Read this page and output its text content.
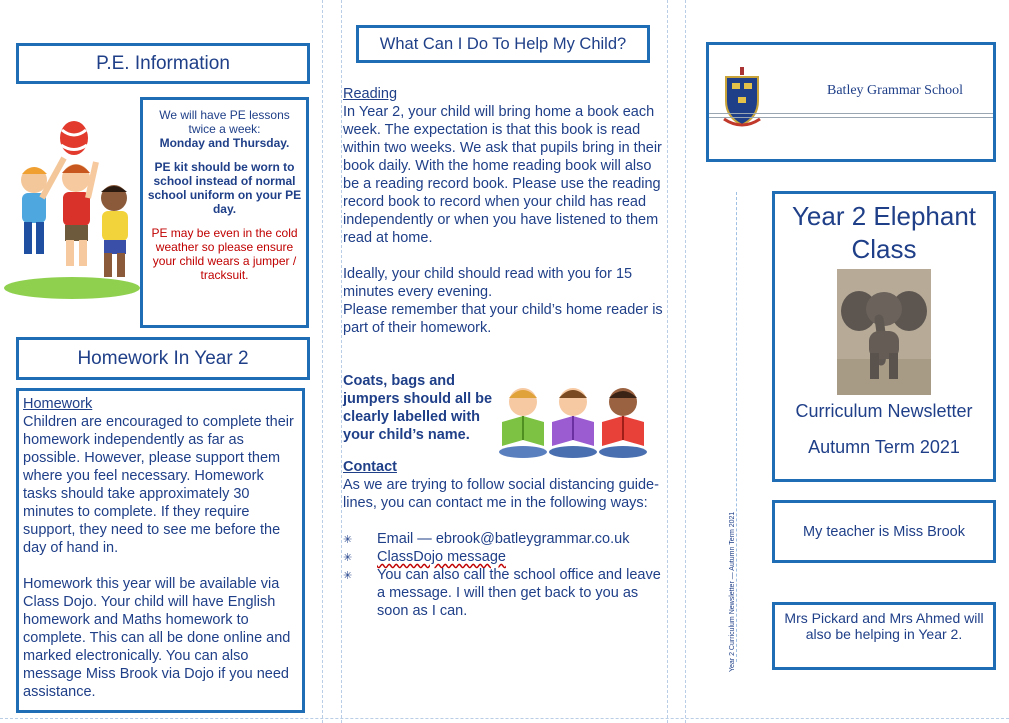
P.E. Information
We will have PE lessons twice a week:
Monday and Thursday.
PE kit should be worn to school instead of normal school uniform on your PE day.
PE may be even in the cold weather so please ensure your child wears a jumper / tracksuit.
Homework In Year 2
Homework
Children are encouraged to complete their homework independently as far as possible. However, please support them where you feel necessary. Homework tasks should take approximately 30 minutes to complete. If they require support, they need to see me before the day of hand in.
Homework this year will be available via Class Dojo. Your child will have English homework and Maths homework to complete. This can all be done online and marked electronically. You can also message Miss Brook via Dojo if you need assistance.
What Can I Do To Help My Child?
Reading
In Year 2, your child will bring home a book each week. The expectation is that this book is read within two weeks. We ask that pupils bring in their book daily. With the home reading book will also be a reading record book. Please use the reading record book to record when your child has read independently or when you have listened to them read at home.
Ideally, your child should read with you for 15 minutes every evening.
Please remember that your child’s home reader is part of their homework.
Coats, bags and jumpers should all be clearly labelled with your child’s name.
Contact
As we are trying to follow social distancing guide-lines, you can contact me in the following ways:
✳ Email — ebrook@batleygrammar.co.uk
✳ ClassDojo message
✳ You can also call the school office and leave a message. I will then get back to you as soon as I can.
Batley Grammar School
Year 2 Curriculum Newsletter — Autumn Term 2021
Year 2 Elephant Class
Curriculum Newsletter
Autumn Term 2021
My teacher is Miss Brook
Mrs Pickard and Mrs Ahmed will also be helping in Year 2.
